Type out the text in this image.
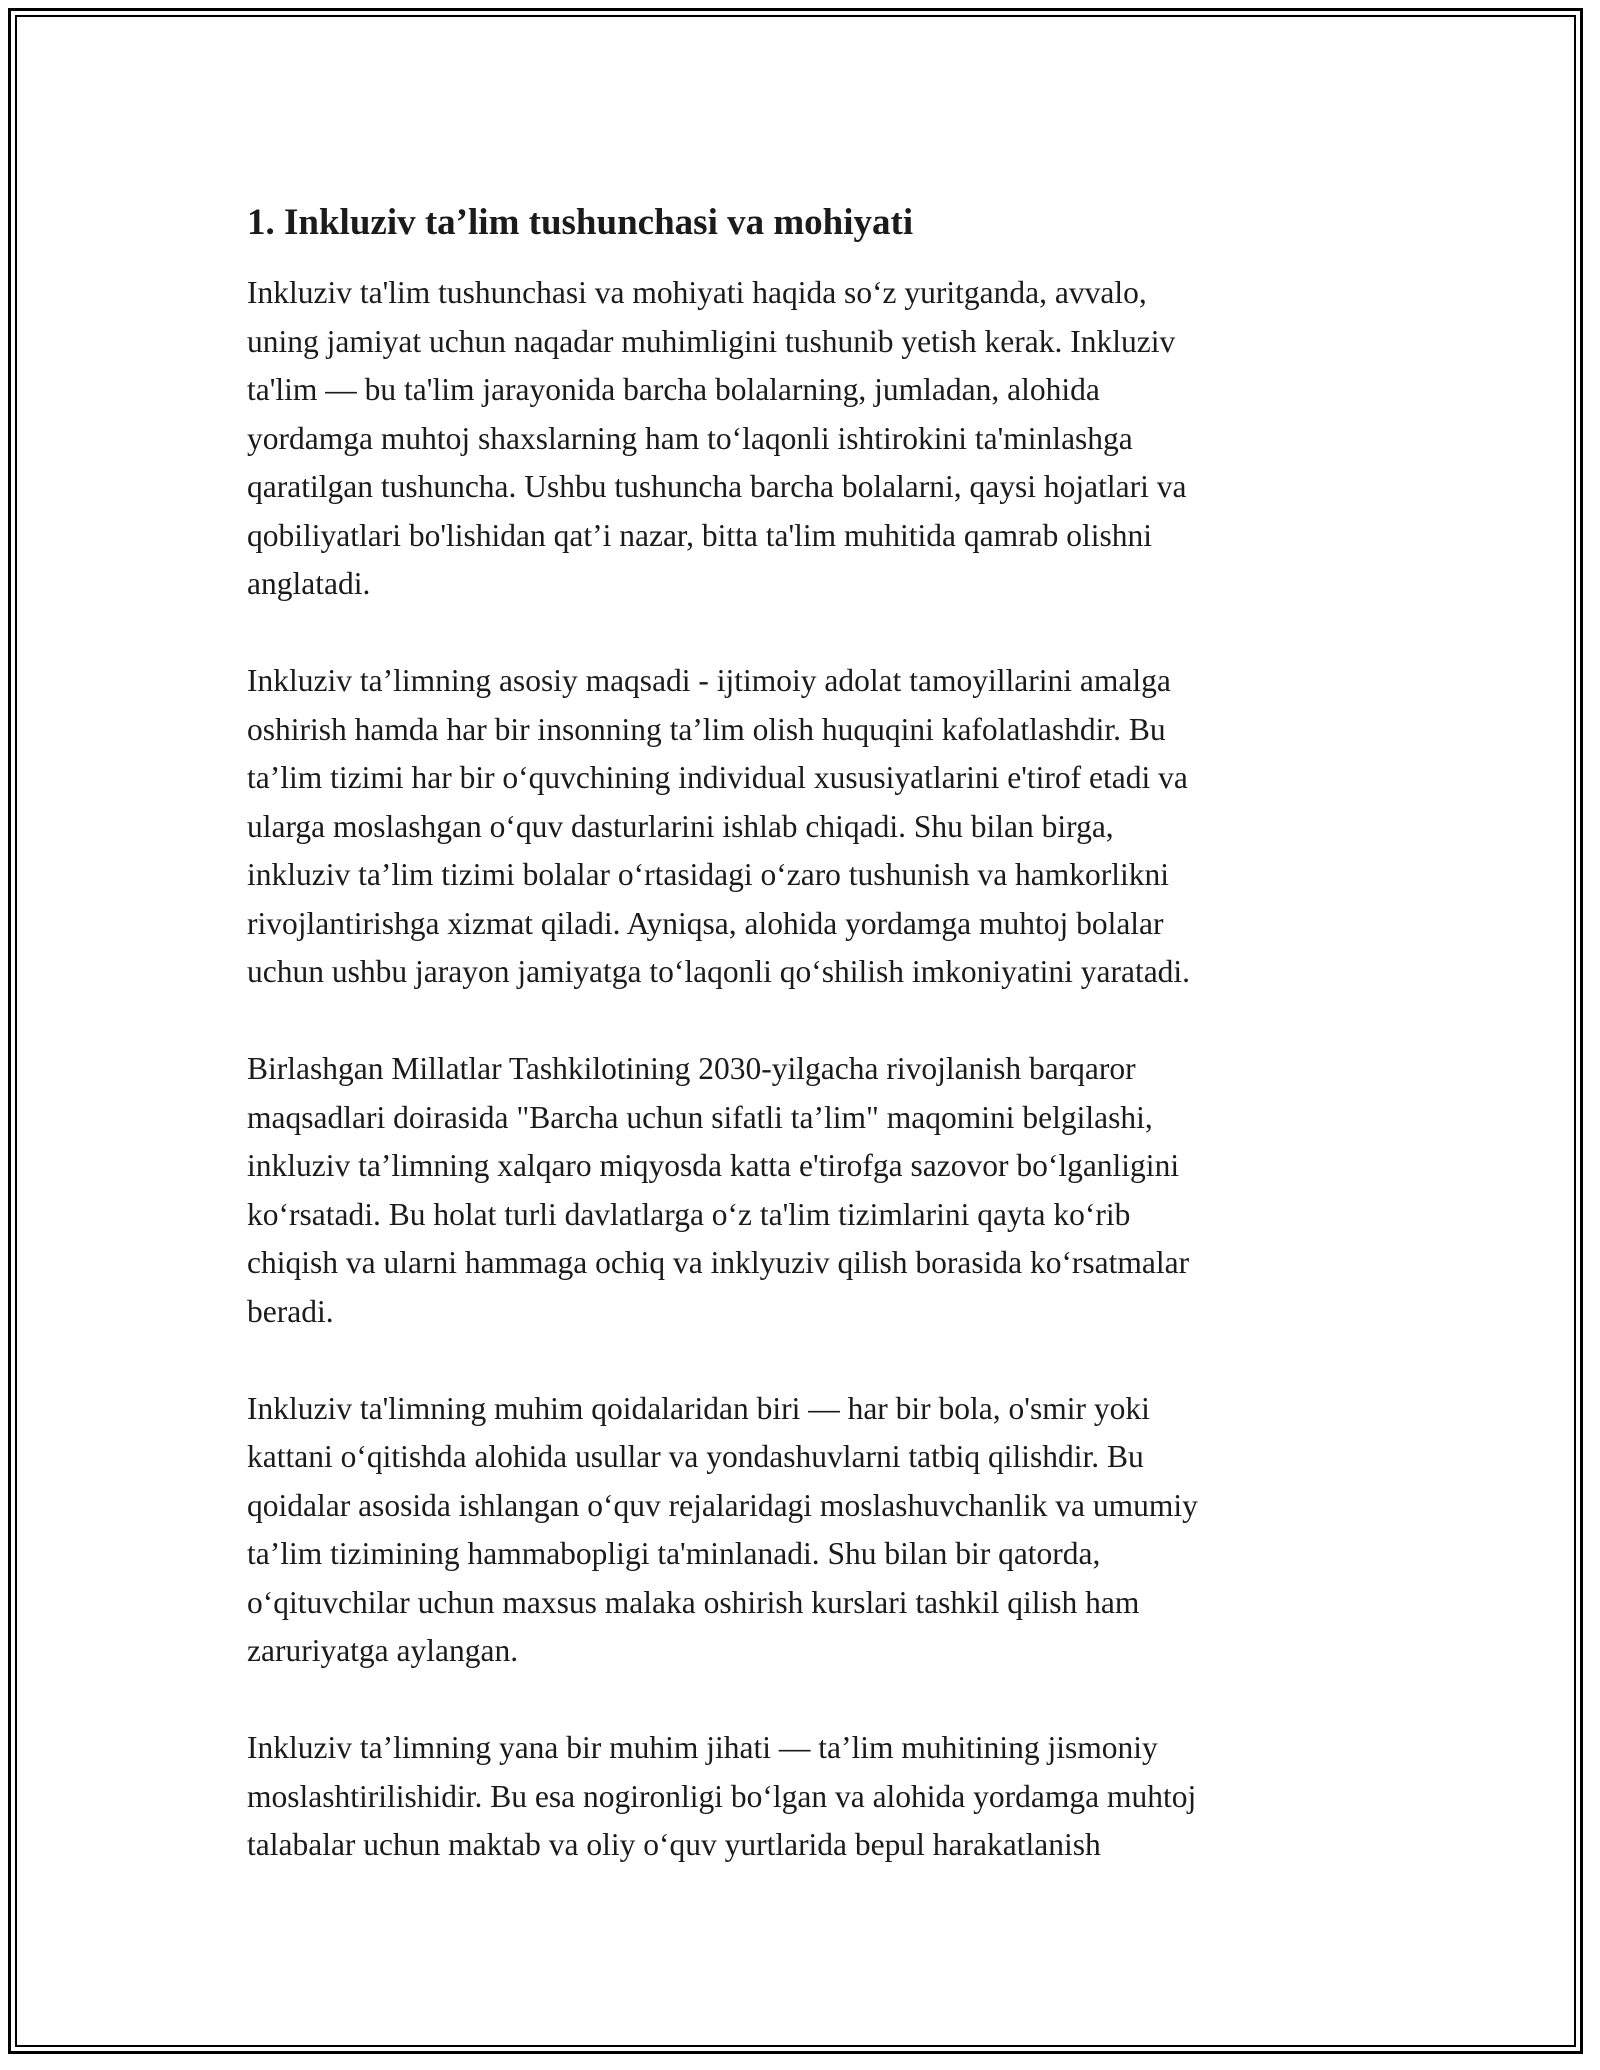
1. Inkluziv ta’lim tushunchasi va mohiyati

Inkluziv ta'lim tushunchasi va mohiyati haqida so‘z yuritganda, avvalo,
uning jamiyat uchun naqadar muhimligini tushunib yetish kerak. Inkluziv
ta'lim — bu ta'lim jarayonida barcha bolalarning, jumladan, alohida
yordamga muhtoj shaxslarning ham to‘laqonli ishtirokini ta'minlashga
qaratilgan tushuncha. Ushbu tushuncha barcha bolalarni, qaysi hojatlari va
qobiliyatlari bo'lishidan qat’i nazar, bitta ta'lim muhitida qamrab olishni
anglatadi.

Inkluziv ta’limning asosiy maqsadi - ijtimoiy adolat tamoyillarini amalga
oshirish hamda har bir insonning ta’lim olish huquqini kafolatlashdir. Bu
ta’lim tizimi har bir o‘quvchining individual xususiyatlarini e'tirof etadi va
ularga moslashgan o‘quv dasturlarini ishlab chiqadi. Shu bilan birga,
inkluziv ta’lim tizimi bolalar o‘rtasidagi o‘zaro tushunish va hamkorlikni
rivojlantirishga xizmat qiladi. Ayniqsa, alohida yordamga muhtoj bolalar
uchun ushbu jarayon jamiyatga to‘laqonli qo‘shilish imkoniyatini yaratadi.

Birlashgan Millatlar Tashkilotining 2030-yilgacha rivojlanish barqaror
maqsadlari doirasida "Barcha uchun sifatli ta’lim" maqomini belgilashi,
inkluziv ta’limning xalqaro miqyosda katta e'tirofga sazovor bo‘lganligini
ko‘rsatadi. Bu holat turli davlatlarga o‘z ta'lim tizimlarini qayta ko‘rib
chiqish va ularni hammaga ochiq va inklyuziv qilish borasida ko‘rsatmalar
beradi.

Inkluziv ta'limning muhim qoidalaridan biri — har bir bola, o'smir yoki
kattani o‘qitishda alohida usullar va yondashuvlarni tatbiq qilishdir. Bu
qoidalar asosida ishlangan o‘quv rejalaridagi moslashuvchanlik va umumiy
ta’lim tizimining hammabopligi ta'minlanadi. Shu bilan bir qatorda,
o‘qituvchilar uchun maxsus malaka oshirish kurslari tashkil qilish ham
zaruriyatga aylangan.

Inkluziv ta’limning yana bir muhim jihati — ta’lim muhitining jismoniy
moslashtirilishidir. Bu esa nogironligi bo‘lgan va alohida yordamga muhtoj
talabalar uchun maktab va oliy o‘quv yurtlarida bepul harakatlanish
